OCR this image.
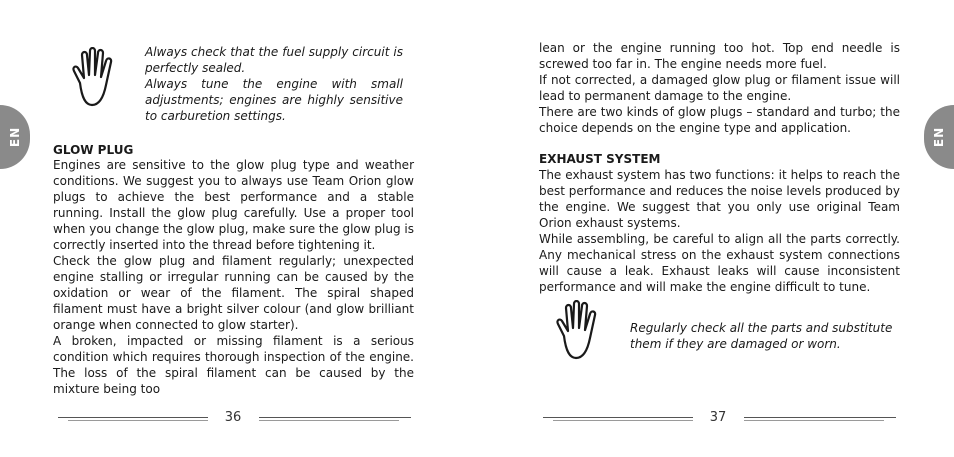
EN

Always check that the fuel supply circuit is perfectly sealed.

Always tune the engine with small adjustments; engines are highly sensitive to carburetion settings.

GLOW PLUG

Engines are sensitive to the glow plug type and weather conditions. We suggest you to always use Team Orion glow plugs to achieve the best performance and a stable running. Install the glow plug carefully. Use a proper tool when you change the glow plug, make sure the glow plug is correctly inserted into the thread before tightening it.

Check the glow plug and filament regularly; unexpected engine stalling or irregular running can be caused by the oxidation or wear of the filament. The spiral shaped filament must have a bright silver colour (and glow brilliant orange when connected to glow starter).

A broken, impacted or missing filament is a serious condition which requires thorough inspection of the engine. The loss of the spiral filament can be caused by the mixture being too

36
EN

lean or the engine running too hot. Top end needle is screwed too far in. The engine needs more fuel.

If not corrected, a damaged glow plug or filament issue will lead to permanent damage to the engine.

There are two kinds of glow plugs – standard and turbo; the choice depends on the engine type and application.

EXHAUST SYSTEM

The exhaust system has two functions: it helps to reach the best performance and reduces the noise levels produced by the engine. We suggest that you only use original Team Orion exhaust systems.

While assembling, be careful to align all the parts correctly. Any mechanical stress on the exhaust system connections will cause a leak. Exhaust leaks will cause inconsistent performance and will make the engine difficult to tune.

Regularly check all the parts and substitute them if they are damaged or worn.

37
